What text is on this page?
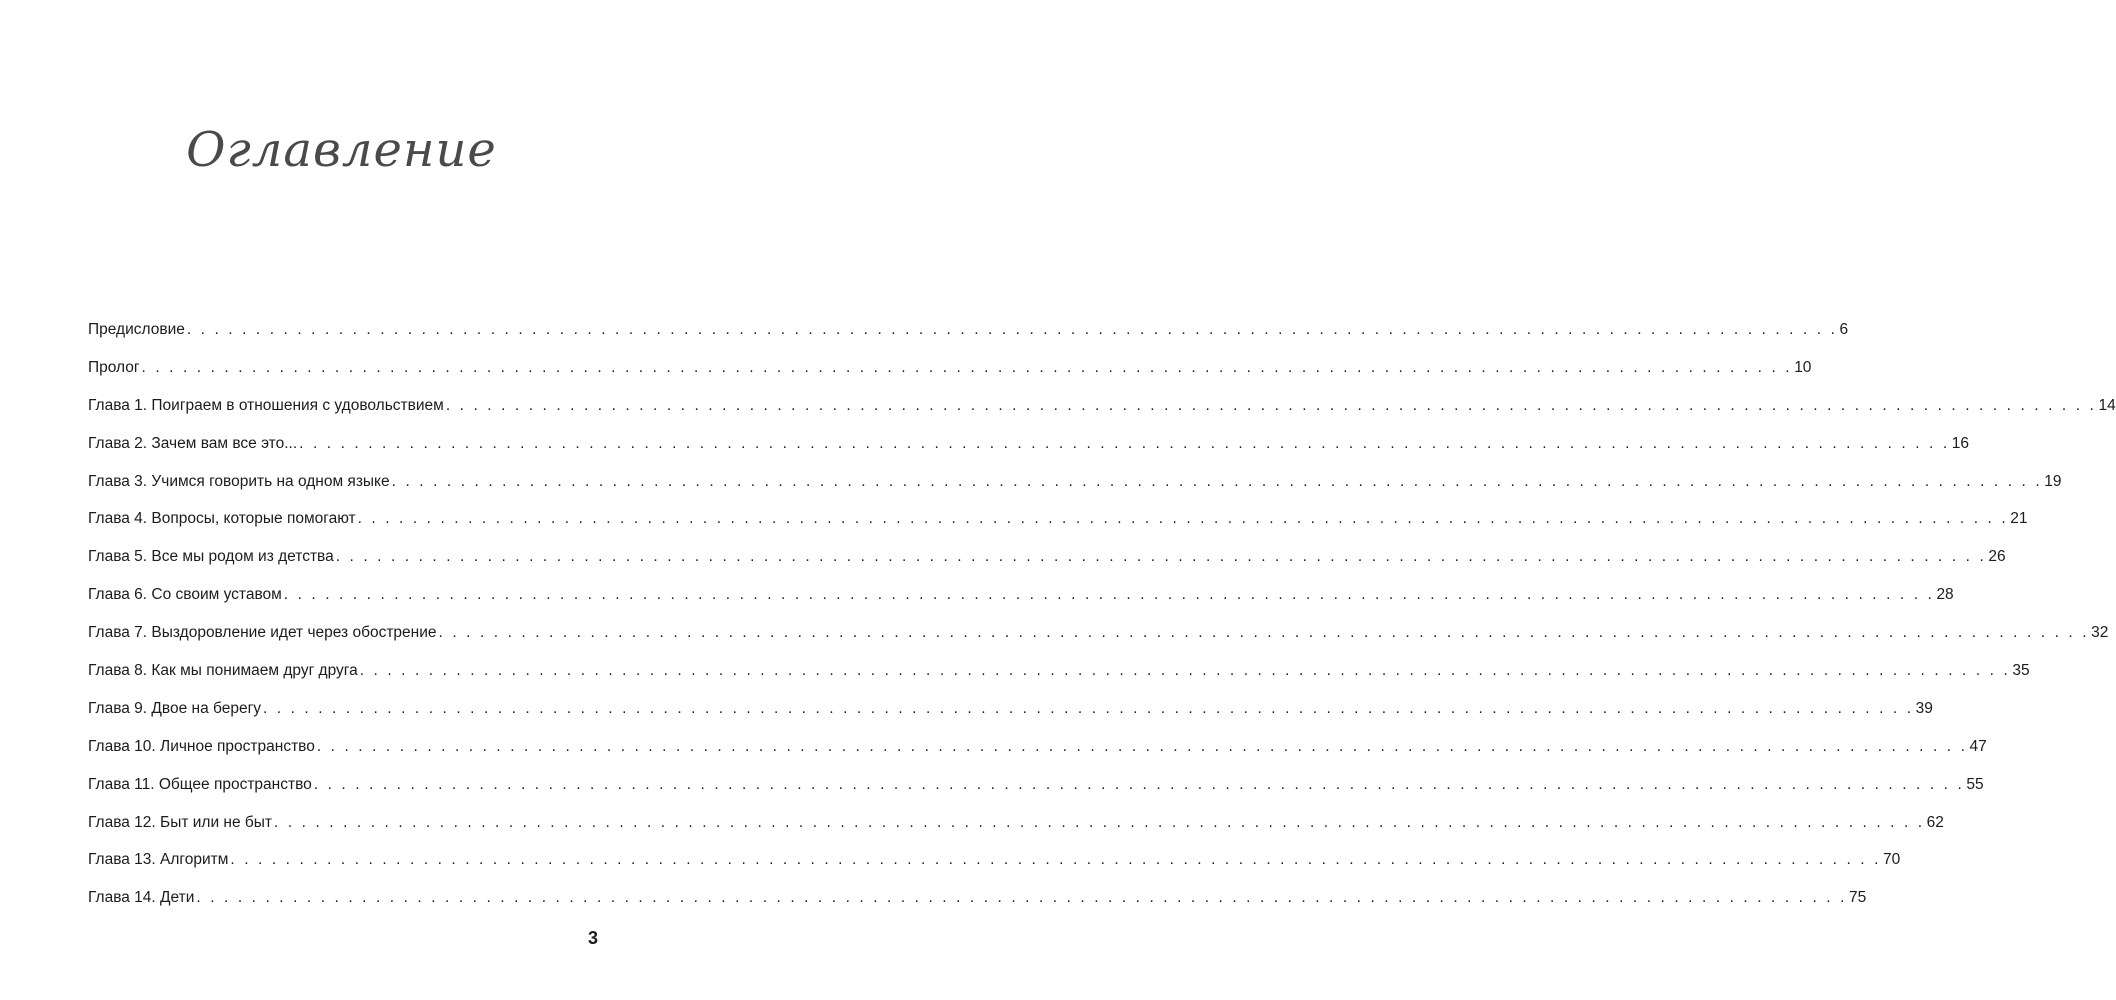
Оглавление
Предисловие . . . . . . . . . . . . . . . . . . . . . . . . . . . . . . . . . . . . . . . . . . . . . . . . . . . . . . . . . . . . . . . . . . . . . . . . . . . . . . . . . . . . . . . . . . . . . . . . . . . . . . . . . . . . . . . . . . . . . . . . 6
Пролог . . . . . . . . . . . . . . . . . . . . . . . . . . . . . . . . . . . . . . . . . . . . . . . . . . . . . . . . . . . . . . . . . . . . . . . . . . . . . . . . . . . . . . . . . . . . . . . . . . . . . . . . . . . . . . . . . . . . . . . . 10
Глава 1. Поиграем в отношения с удовольствием . . . . . . . . . . . . . . . . . . . . . . . . . . . . . . . . . . . . . . . . . . . . . . . . . . . . . . . . . . . . . . . . . . . . . . . . . . . . . . . . . . . . . . . . . . . . . . . . . . . . . . . . . . . . . . . . . . . . . . . . 14
Глава 2. Зачем вам все это... . . . . . . . . . . . . . . . . . . . . . . . . . . . . . . . . . . . . . . . . . . . . . . . . . . . . . . . . . . . . . . . . . . . . . . . . . . . . . . . . . . . . . . . . . . . . . . . . . . . . . . . . . . . . . . . . . . . . . . . . 16
Глава 3. Учимся говорить на одном языке . . . . . . . . . . . . . . . . . . . . . . . . . . . . . . . . . . . . . . . . . . . . . . . . . . . . . . . . . . . . . . . . . . . . . . . . . . . . . . . . . . . . . . . . . . . . . . . . . . . . . . . . . . . . . . . . . . . . . . . . 19
Глава 4. Вопросы, которые помогают . . . . . . . . . . . . . . . . . . . . . . . . . . . . . . . . . . . . . . . . . . . . . . . . . . . . . . . . . . . . . . . . . . . . . . . . . . . . . . . . . . . . . . . . . . . . . . . . . . . . . . . . . . . . . . . . . . . . . . . . 21
Глава 5. Все мы родом из детства . . . . . . . . . . . . . . . . . . . . . . . . . . . . . . . . . . . . . . . . . . . . . . . . . . . . . . . . . . . . . . . . . . . . . . . . . . . . . . . . . . . . . . . . . . . . . . . . . . . . . . . . . . . . . . . . . . . . . . . . 26
Глава 6. Со своим уставом . . . . . . . . . . . . . . . . . . . . . . . . . . . . . . . . . . . . . . . . . . . . . . . . . . . . . . . . . . . . . . . . . . . . . . . . . . . . . . . . . . . . . . . . . . . . . . . . . . . . . . . . . . . . . . . . . . . . . . . . 28
Глава 7. Выздоровление идет через обострение . . . . . . . . . . . . . . . . . . . . . . . . . . . . . . . . . . . . . . . . . . . . . . . . . . . . . . . . . . . . . . . . . . . . . . . . . . . . . . . . . . . . . . . . . . . . . . . . . . . . . . . . . . . . . . . . . . . . . . . . 32
Глава 8. Как мы понимаем друг друга . . . . . . . . . . . . . . . . . . . . . . . . . . . . . . . . . . . . . . . . . . . . . . . . . . . . . . . . . . . . . . . . . . . . . . . . . . . . . . . . . . . . . . . . . . . . . . . . . . . . . . . . . . . . . . . . . . . . . . . . 35
Глава 9. Двое на берегу . . . . . . . . . . . . . . . . . . . . . . . . . . . . . . . . . . . . . . . . . . . . . . . . . . . . . . . . . . . . . . . . . . . . . . . . . . . . . . . . . . . . . . . . . . . . . . . . . . . . . . . . . . . . . . . . . . . . . . . . 39
Глава 10. Личное пространство . . . . . . . . . . . . . . . . . . . . . . . . . . . . . . . . . . . . . . . . . . . . . . . . . . . . . . . . . . . . . . . . . . . . . . . . . . . . . . . . . . . . . . . . . . . . . . . . . . . . . . . . . . . . . . . . . . . . . . . . 47
Глава 11. Общее пространство . . . . . . . . . . . . . . . . . . . . . . . . . . . . . . . . . . . . . . . . . . . . . . . . . . . . . . . . . . . . . . . . . . . . . . . . . . . . . . . . . . . . . . . . . . . . . . . . . . . . . . . . . . . . . . . . . . . . . . . . 55
Глава 12. Быт или не быт . . . . . . . . . . . . . . . . . . . . . . . . . . . . . . . . . . . . . . . . . . . . . . . . . . . . . . . . . . . . . . . . . . . . . . . . . . . . . . . . . . . . . . . . . . . . . . . . . . . . . . . . . . . . . . . . . . . . . . . . 62
Глава 13. Алгоритм . . . . . . . . . . . . . . . . . . . . . . . . . . . . . . . . . . . . . . . . . . . . . . . . . . . . . . . . . . . . . . . . . . . . . . . . . . . . . . . . . . . . . . . . . . . . . . . . . . . . . . . . . . . . . . . . . . . . . . . . 70
Глава 14. Дети . . . . . . . . . . . . . . . . . . . . . . . . . . . . . . . . . . . . . . . . . . . . . . . . . . . . . . . . . . . . . . . . . . . . . . . . . . . . . . . . . . . . . . . . . . . . . . . . . . . . . . . . . . . . . . . . . . . . . . . . 75
3
